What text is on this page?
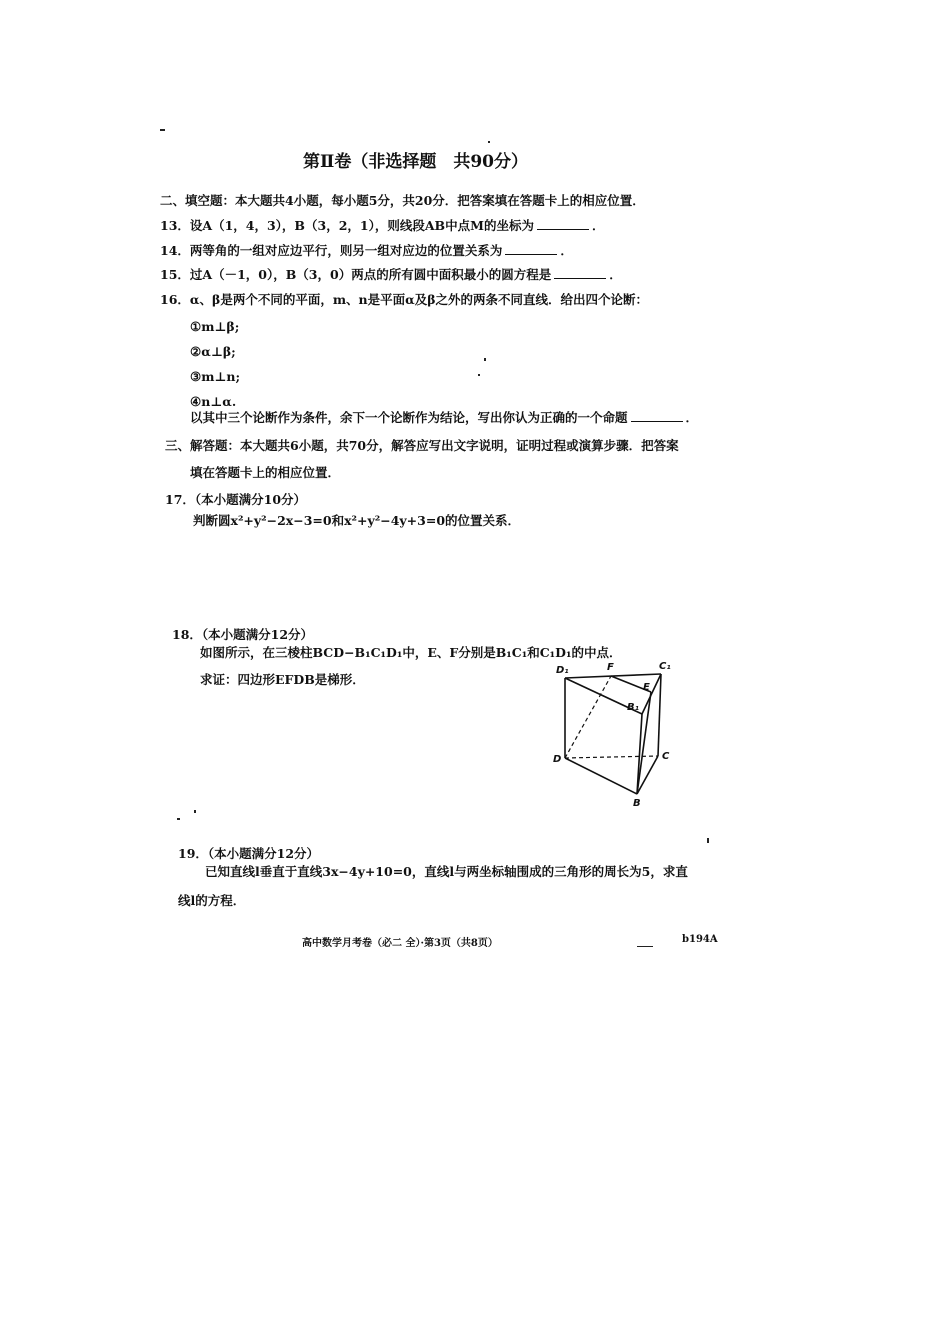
第Ⅱ卷（非选择题　共90分）
二、填空题：本大题共4小题，每小题5分，共20分．把答案填在答题卡上的相应位置．
13．设A（1，4，3），B（3，2，1），则线段AB中点M的坐标为	．
14．两等角的一组对应边平行，则另一组对应边的位置关系为	．
15．过A（－1，0），B（3，0）两点的所有圆中面积最小的圆方程是	．
16．α、β是两个不同的平面，m、n是平面α及β之外的两条不同直线．给出四个论断：
①m⊥β;
②α⊥β;
③m⊥n;
④n⊥α.
以其中三个论断作为条件，余下一个论断作为结论，写出你认为正确的一个命题	．
三、解答题：本大题共6小题，共70分，解答应写出文字说明，证明过程或演算步骤．把答案
填在答题卡上的相应位置．
17．（本小题满分10分）
判断圆x²+y²−2x−3=0和x²+y²−4y+3=0的位置关系．
18．（本小题满分12分）
如图所示，在三棱柱BCD−B₁C₁D₁中，E、F分别是B₁C₁和C₁D₁的中点．
求证：四边形EFDB是梯形．
D₁	F	C₁
E
B₁
D	C
B
19．（本小题满分12分）
已知直线l垂直于直线3x−4y+10=0，直线l与两坐标轴围成的三角形的周长为5，求直
线l的方程．
高中数学月考卷（必二 全）·第3页（共8页）	b194A
